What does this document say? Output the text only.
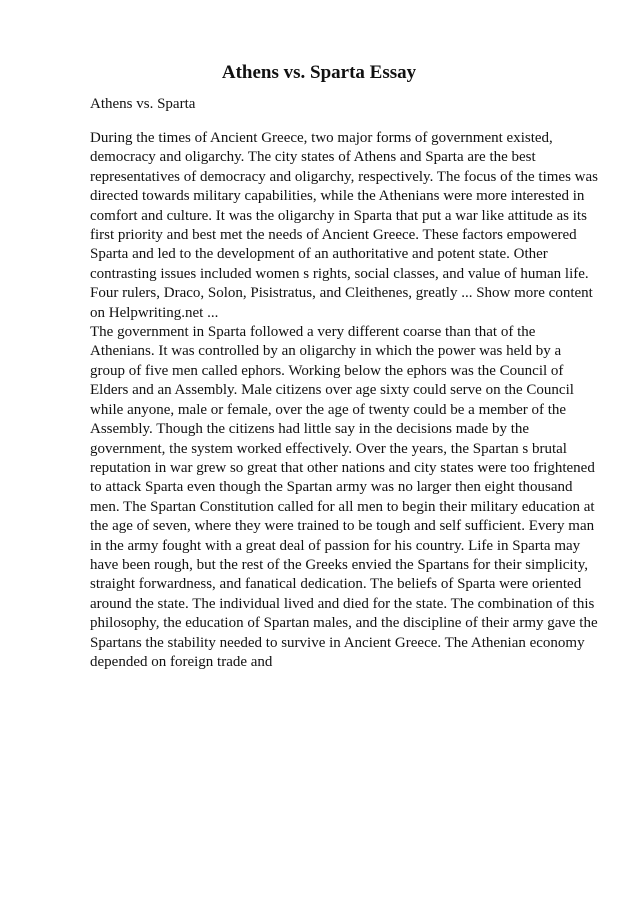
Athens vs. Sparta Essay

Athens vs. Sparta

During the times of Ancient Greece, two major forms of government existed,
democracy and oligarchy. The city states of Athens and Sparta are the best
representatives of democracy and oligarchy, respectively. The focus of the times was
directed towards military capabilities, while the Athenians were more interested in
comfort and culture. It was the oligarchy in Sparta that put a war like attitude as its
first priority and best met the needs of Ancient Greece. These factors empowered
Sparta and led to the development of an authoritative and potent state. Other
contrasting issues included women s rights, social classes, and value of human life.
Four rulers, Draco, Solon, Pisistratus, and Cleithenes, greatly ... Show more content
on Helpwriting.net ...
The government in Sparta followed a very different coarse than that of the
Athenians. It was controlled by an oligarchy in which the power was held by a
group of five men called ephors. Working below the ephors was the Council of
Elders and an Assembly. Male citizens over age sixty could serve on the Council
while anyone, male or female, over the age of twenty could be a member of the
Assembly. Though the citizens had little say in the decisions made by the
government, the system worked effectively. Over the years, the Spartan s brutal
reputation in war grew so great that other nations and city states were too frightened
to attack Sparta even though the Spartan army was no larger then eight thousand
men. The Spartan Constitution called for all men to begin their military education at
the age of seven, where they were trained to be tough and self sufficient. Every man
in the army fought with a great deal of passion for his country. Life in Sparta may
have been rough, but the rest of the Greeks envied the Spartans for their simplicity,
straight forwardness, and fanatical dedication. The beliefs of Sparta were oriented
around the state. The individual lived and died for the state. The combination of this
philosophy, the education of Spartan males, and the discipline of their army gave the
Spartans the stability needed to survive in Ancient Greece. The Athenian economy
depended on foreign trade and
